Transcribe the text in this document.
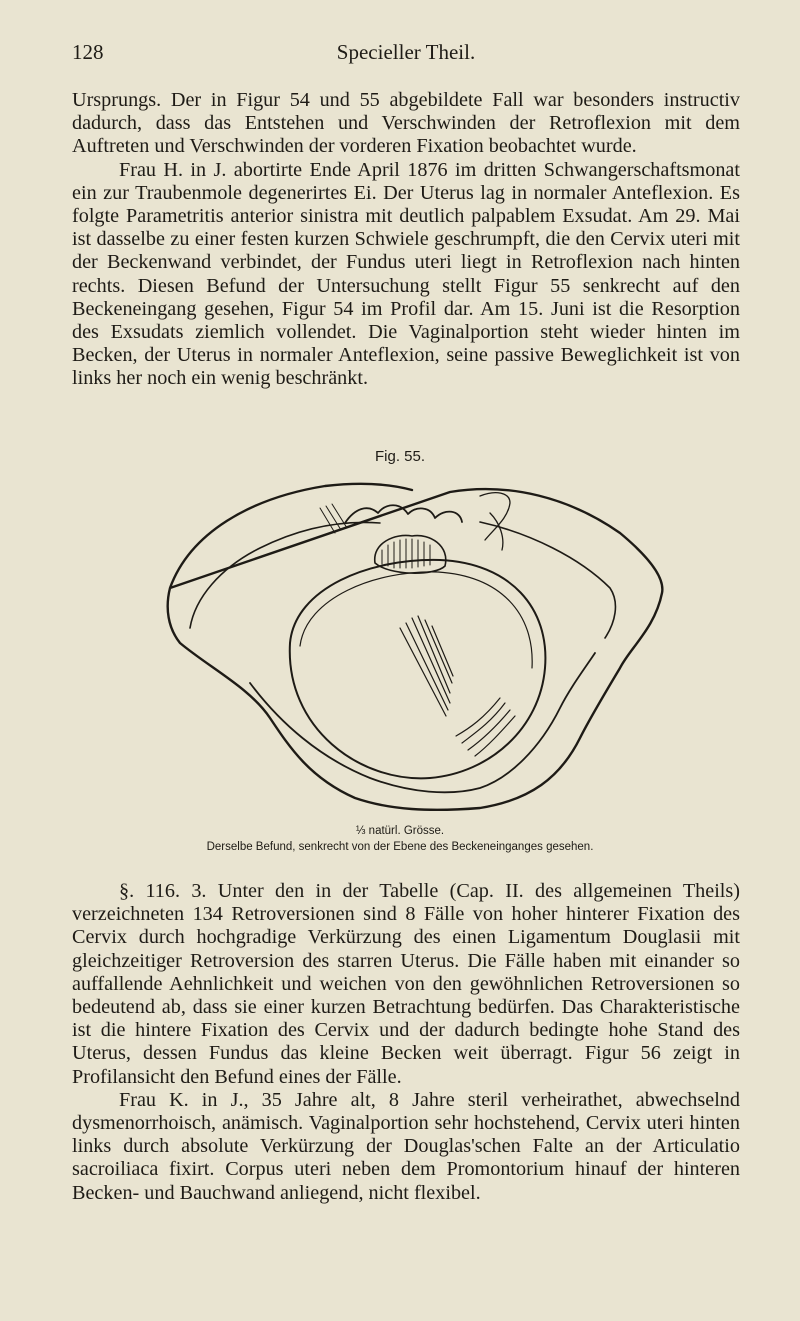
128	Specieller Theil.

Ursprungs. Der in Figur 54 und 55 abgebildete Fall war besonders instructiv dadurch, dass das Entstehen und Verschwinden der Retroflexion mit dem Auftreten und Verschwinden der vorderen Fixation beobachtet wurde.

Frau H. in J. abortirte Ende April 1876 im dritten Schwangerschaftsmonat ein zur Traubenmole degenerirtes Ei. Der Uterus lag in normaler Anteflexion. Es folgte Parametritis anterior sinistra mit deutlich palpablem Exsudat. Am 29. Mai ist dasselbe zu einer festen kurzen Schwiele geschrumpft, die den Cervix uteri mit der Beckenwand verbindet, der Fundus uteri liegt in Retroflexion nach hinten rechts. Diesen Befund der Untersuchung stellt Figur 55 senkrecht auf den Beckeneingang gesehen, Figur 54 im Profil dar. Am 15. Juni ist die Resorption des Exsudats ziemlich vollendet. Die Vaginalportion steht wieder hinten im Becken, der Uterus in normaler Anteflexion, seine passive Beweglichkeit ist von links her noch ein wenig beschränkt.

Fig. 55.
⅓ natürl. Grösse.
Derselbe Befund, senkrecht von der Ebene des Beckeneinganges gesehen.

§. 116. 3. Unter den in der Tabelle (Cap. II. des allgemeinen Theils) verzeichneten 134 Retroversionen sind 8 Fälle von hoher hinterer Fixation des Cervix durch hochgradige Verkürzung des einen Ligamentum Douglasii mit gleichzeitiger Retroversion des starren Uterus. Die Fälle haben mit einander so auffallende Aehnlichkeit und weichen von den gewöhnlichen Retroversionen so bedeutend ab, dass sie einer kurzen Betrachtung bedürfen. Das Charakteristische ist die hintere Fixation des Cervix und der dadurch bedingte hohe Stand des Uterus, dessen Fundus das kleine Becken weit überragt. Figur 56 zeigt in Profilansicht den Befund eines der Fälle.

Frau K. in J., 35 Jahre alt, 8 Jahre steril verheirathet, abwechselnd dysmenorrhoisch, anämisch. Vaginalportion sehr hochstehend, Cervix uteri hinten links durch absolute Verkürzung der Douglas'schen Falte an der Articulatio sacroiliaca fixirt. Corpus uteri neben dem Promontorium hinauf der hinteren Becken- und Bauchwand anliegend, nicht flexibel.
